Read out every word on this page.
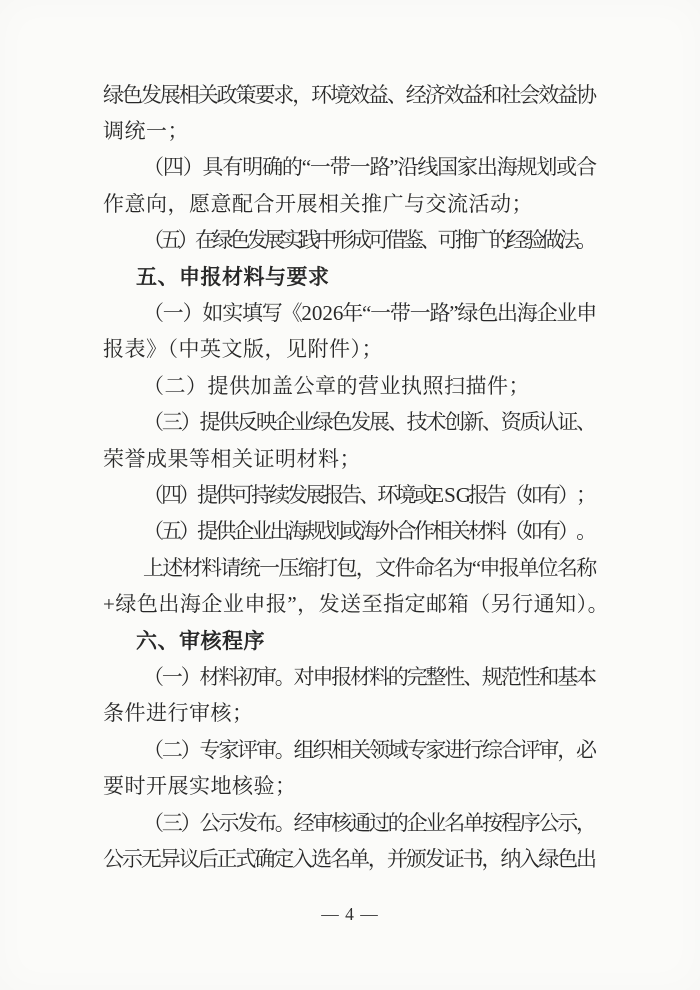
绿
色
发
展
相
关
政
策
要
求
，
环
境
效
益
、
经
济
效
益
和
社
会
效
益
协
调统一；
（
四
）
具
有
明
确
的
“
一
带
一
路
”
沿
线
国
家
出
海
规
划
或
合
作意向，愿意配合开展相关推广与交流活动；
（
五
）
在
绿
色
发
展
实
践
中
形
成
可
借
鉴
、
可
推
广
的
经
验
做
法
。
五、申报材料与要求
（
一
）
如
实
填
写
《
2026
年
“
一
带
一
路
”
绿
色
出
海
企
业
申
报表》（中英文版，见附件）；
（二）提供加盖公章的营业执照扫描件；
（
三
）
提
供
反
映
企
业
绿
色
发
展
、
技
术
创
新
、
资
质
认
证
、
荣誉成果等相关证明材料；
（
四
）
提
供
可
持
续
发
展
报
告
、
环
境
或
ESG
报
告
（
如
有
）
；
（
五
）
提
供
企
业
出
海
规
划
或
海
外
合
作
相
关
材
料
（
如
有
）
。
上
述
材
料
请
统
一
压
缩
打
包
，
文
件
命
名
为
“
申
报
单
位
名
称
+绿色出海企业申报”，发送至指定邮箱（另行通知）。
六、审核程序
（
一
）
材
料
初
审
。
对
申
报
材
料
的
完
整
性
、
规
范
性
和
基
本
条件进行审核；
（
二
）
专
家
评
审
。
组
织
相
关
领
域
专
家
进
行
综
合
评
审
，
必
要时开展实地核验；
（
三
）
公
示
发
布
。
经
审
核
通
过
的
企
业
名
单
按
程
序
公
示
，
公
示
无
异
议
后
正
式
确
定
入
选
名
单
，
并
颁
发
证
书
，
纳
入
绿
色
出
— 4 —
